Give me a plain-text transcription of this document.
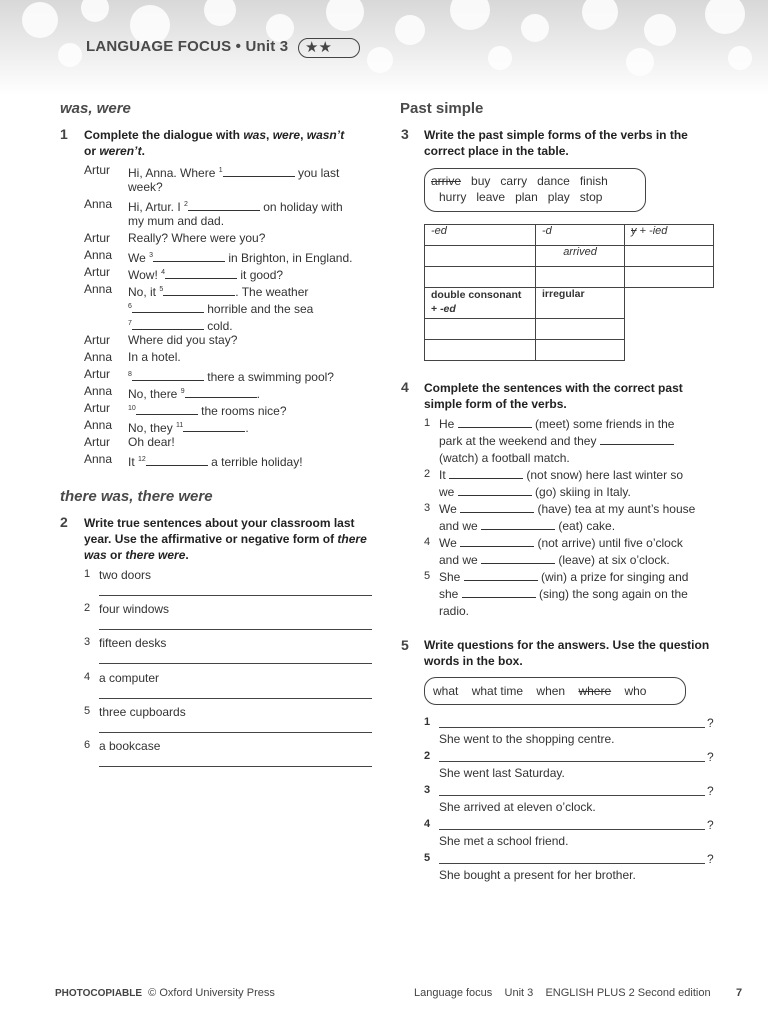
LANGUAGE FOCUS • Unit 3 ★★
was, were
1 Complete the dialogue with was, were, wasn’t
or weren’t.
Artur Hi, Anna. Where $^1$	you last
week?
Anna Hi, Artur. I $^2$	on holiday with
my mum and dad.
Artur Really? Where were you?
Anna We $^3$	in Brighton, in England.
Artur Wow! $^4$	it good?
Anna No, it $^5$	. The weather
$^6$	horrible and the sea
$^7$	cold.
Artur Where did you stay?
Anna In a hotel.
Artur	$^8$	there a swimming pool?
Anna No, there $^9$	.
Artur	$^{10}$	the rooms nice?
Anna No, they $^{11}$	.
Artur Oh dear!
Anna It $^{12}$	a terrible holiday!
there was, there were
2 Write true sentences about your classroom last year. Use the affirmative or negative form of there was or there were.
1 two doors
2 four windows
3 fifteen desks
4 a computer
5 three cupboards
6 a bookcase
Past simple
3 Write the past simple forms of the verbs in the correct place in the table.
arrive buy carry dance finish
hurry leave plan play stop
-ed	-d	y + -ied
	arrived	

double consonant
+ -ed	irregular	

4 Complete the sentences with the correct past simple form of the verbs.
1 He	(meet) some friends in the
park at the weekend and they
(watch) a football match.
2 It	(not snow) here last winter so
we	(go) skiing in Italy.
3 We	(have) tea at my aunt’s house
and we	(eat) cake.
4 We	(not arrive) until five o’clock
and we	(leave) at six o’clock.
5 She	(win) a prize for singing and
she	(sing) the song again on the
radio.
5 Write questions for the answers. Use the question words in the box.
what what time when where who
1	?
She went to the shopping centre.
2	?
She went last Saturday.
3	?
She arrived at eleven o’clock.
4	?
She met a school friend.
5	?
She bought a present for her brother.
PHOTOCOPIABLE © Oxford University Press	Language focus    Unit 3    ENGLISH PLUS 2 Second edition 7
